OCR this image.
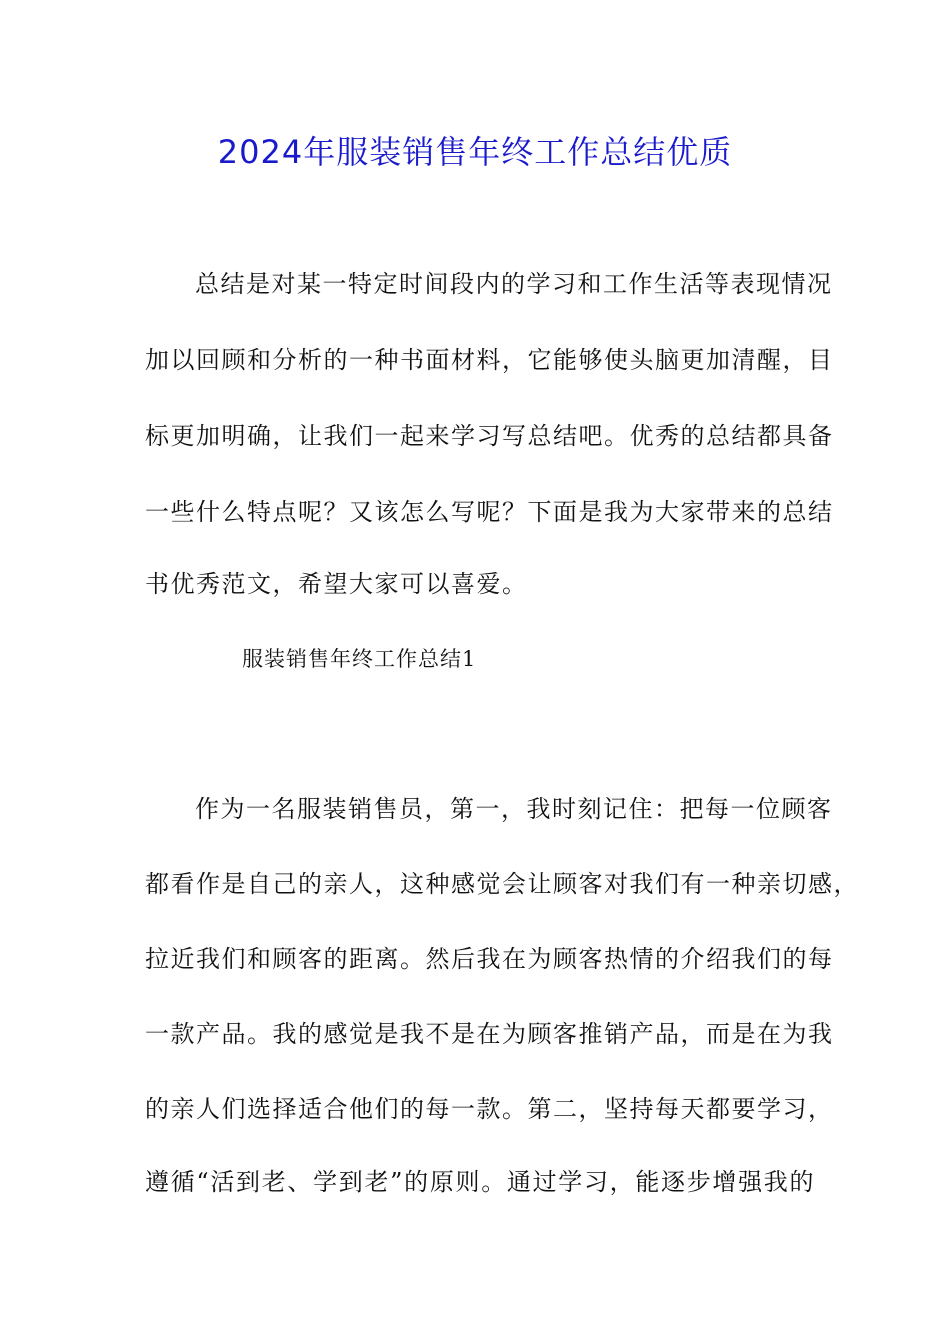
2024年服装销售年终工作总结优质
总结是对某一特定时间段内的学习和工作生活等表现情况
加以回顾和分析的一种书面材料，它能够使头脑更加清醒，目
标更加明确，让我们一起来学习写总结吧。优秀的总结都具备
一些什么特点呢？又该怎么写呢？下面是我为大家带来的总结
书优秀范文，希望大家可以喜爱。
服装销售年终工作总结1
作为一名服装销售员，第一，我时刻记住：把每一位顾客
都看作是自己的亲人，这种感觉会让顾客对我们有一种亲切感，
拉近我们和顾客的距离。然后我在为顾客热情的介绍我们的每
一款产品。我的感觉是我不是在为顾客推销产品，而是在为我
的亲人们选择适合他们的每一款。第二，坚持每天都要学习，
遵循“活到老、学到老”的原则。通过学习，能逐步增强我的
